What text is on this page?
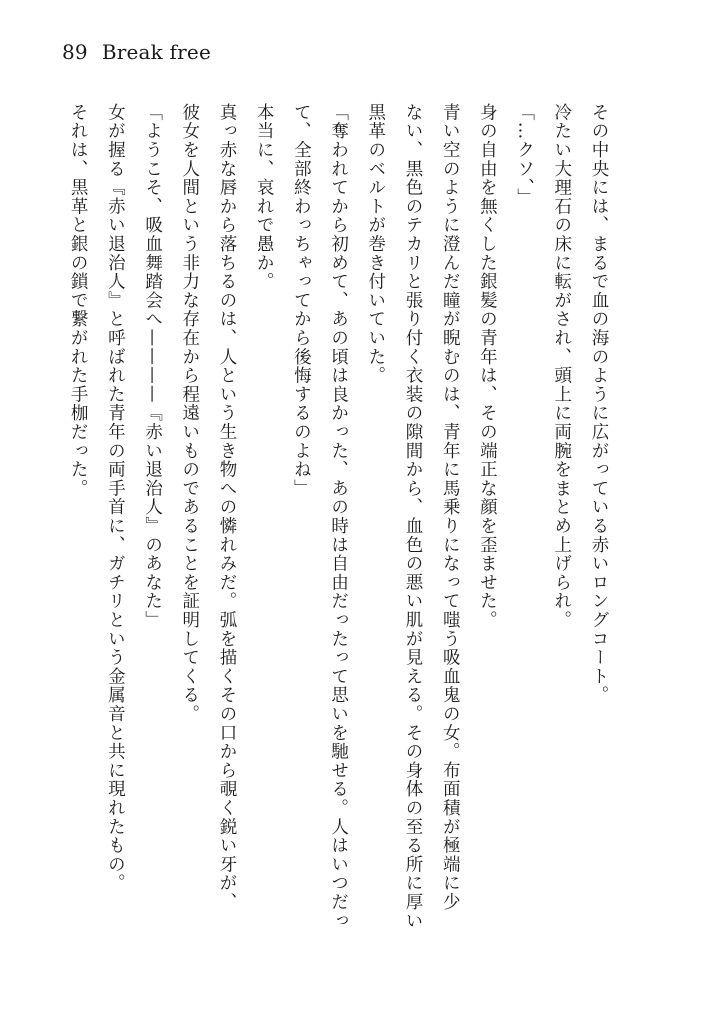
89 Break free
その中央には、まるで血の海のように広がっている赤いロングコート。
冷たい大理石の床に転がされ、頭上に両腕をまとめ上げられ。
「…クソ、」
身の自由を無くした銀髪の青年は、その端正な顔を歪ませた。
青い空のように澄んだ瞳が睨むのは、青年に馬乗りになって嗤う吸血鬼の女。布面積が極端に少
ない、黒色のテカリと張り付く衣装の隙間から、血色の悪い肌が見える。その身体の至る所に厚い
黒革のベルトが巻き付いていた。
「奪われてから初めて、あの頃は良かった、あの時は自由だったって思いを馳せる。人はいつだっ
て、全部終わっちゃってから後悔するのよね」
本当に、哀れで愚か。
真っ赤な唇から落ちるのは、人という生き物への憐れみだ。弧を描くその口から覗く鋭い牙が、
彼女を人間という非力な存在から程遠いものであることを証明してくる。
「ようこそ、吸血舞踏会へ————『赤い退治人』のあなた」
女が握る『赤い退治人』と呼ばれた青年の両手首に、ガチリという金属音と共に現れたもの。
それは、黒革と銀の鎖で繋がれた手枷だった。
